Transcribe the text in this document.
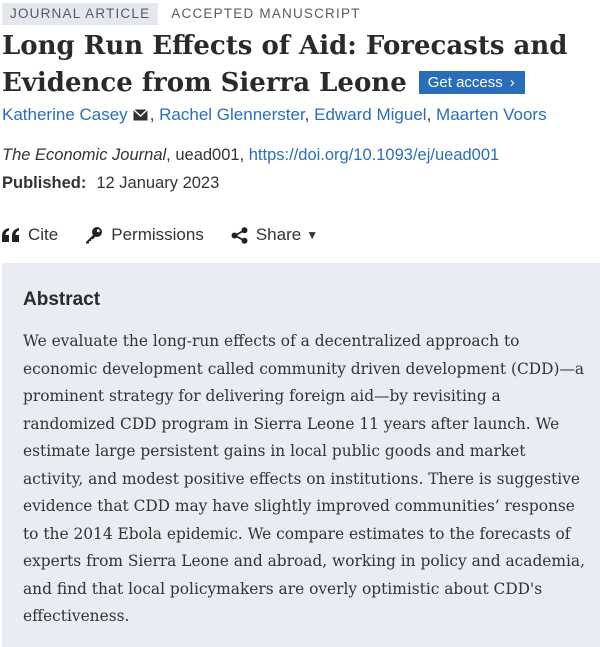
JOURNAL ARTICLE	ACCEPTED MANUSCRIPT
Long Run Effects of Aid: Forecasts and Evidence from Sierra Leone Get access ›
Katherine Casey , Rachel Glennerster, Edward Miguel, Maarten Voors
The Economic Journal, uead001, https://doi.org/10.1093/ej/uead001
Published: 12 January 2023
Cite	Permissions	Share ▼
Abstract

We evaluate the long-run effects of a decentralized approach to economic development called community driven development (CDD)—a prominent strategy for delivering foreign aid—by revisiting a randomized CDD program in Sierra Leone 11 years after launch. We estimate large persistent gains in local public goods and market activity, and modest positive effects on institutions. There is suggestive evidence that CDD may have slightly improved communities’ response to the 2014 Ebola epidemic. We compare estimates to the forecasts of experts from Sierra Leone and abroad, working in policy and academia, and find that local policymakers are overly optimistic about CDD's effectiveness.
